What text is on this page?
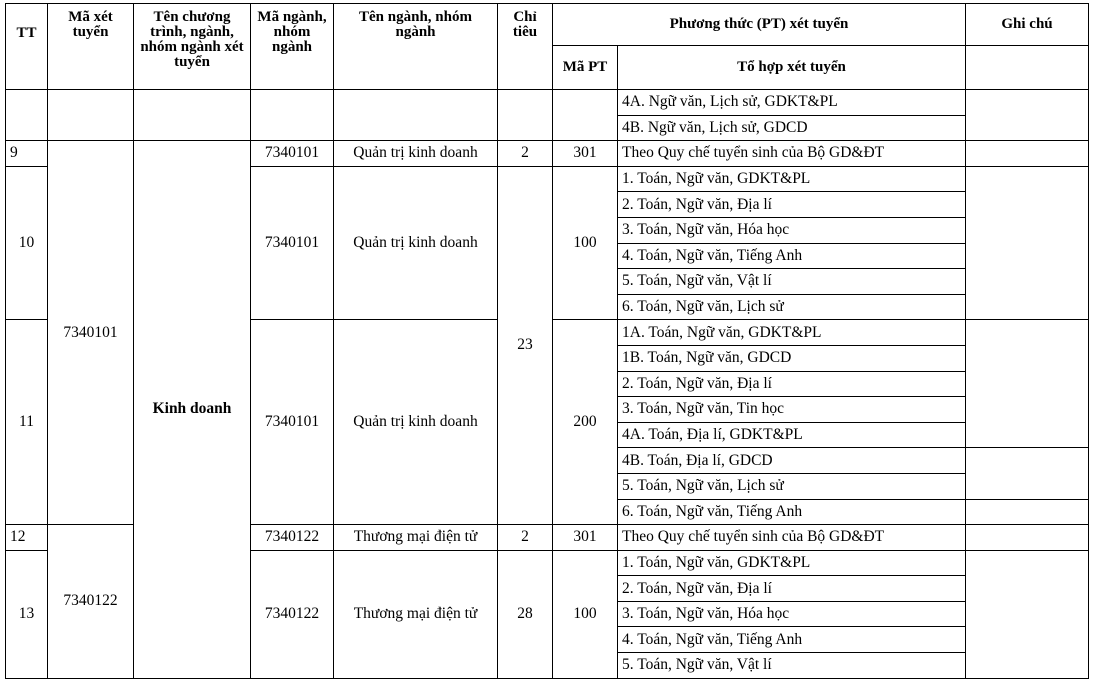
TT	Mã xét tuyển	Tên chương trình, ngành, nhóm ngành xét tuyển	Mã ngành, nhóm ngành	Tên ngành, nhóm ngành	Chỉ tiêu	Phương thức (PT) xét tuyển		Ghi chú
						Mã PT	Tổ hợp xét tuyển	
							4A. Ngữ văn, Lịch sử, GDKT&PL	
							4B. Ngữ văn, Lịch sử, GDCD	
9	7340101	Kinh doanh	7340101	Quản trị kinh doanh	2	301	Theo Quy chế tuyển sinh của Bộ GD&ĐT	
10			7340101	Quản trị kinh doanh	23	100	1. Toán, Ngữ văn, GDKT&PL	
							2. Toán, Ngữ văn, Địa lí	
							3. Toán, Ngữ văn, Hóa học	
							4. Toán, Ngữ văn, Tiếng Anh	
							5. Toán, Ngữ văn, Vật lí	
							6. Toán, Ngữ văn, Lịch sử	
11			7340101	Quản trị kinh doanh		200	1A. Toán, Ngữ văn, GDKT&PL	
							1B. Toán, Ngữ văn, GDCD	
							2. Toán, Ngữ văn, Địa lí	
							3. Toán, Ngữ văn, Tin học	
							4A. Toán, Địa lí, GDKT&PL	
							4B. Toán, Địa lí, GDCD	
							5. Toán, Ngữ văn, Lịch sử	
							6. Toán, Ngữ văn, Tiếng Anh	
12	7340122		7340122	Thương mại điện tử	2	301	Theo Quy chế tuyển sinh của Bộ GD&ĐT	
13			7340122	Thương mại điện tử	28	100	1. Toán, Ngữ văn, GDKT&PL	
							2. Toán, Ngữ văn, Địa lí	
							3. Toán, Ngữ văn, Hóa học	
							4. Toán, Ngữ văn, Tiếng Anh	
							5. Toán, Ngữ văn, Vật lí	
